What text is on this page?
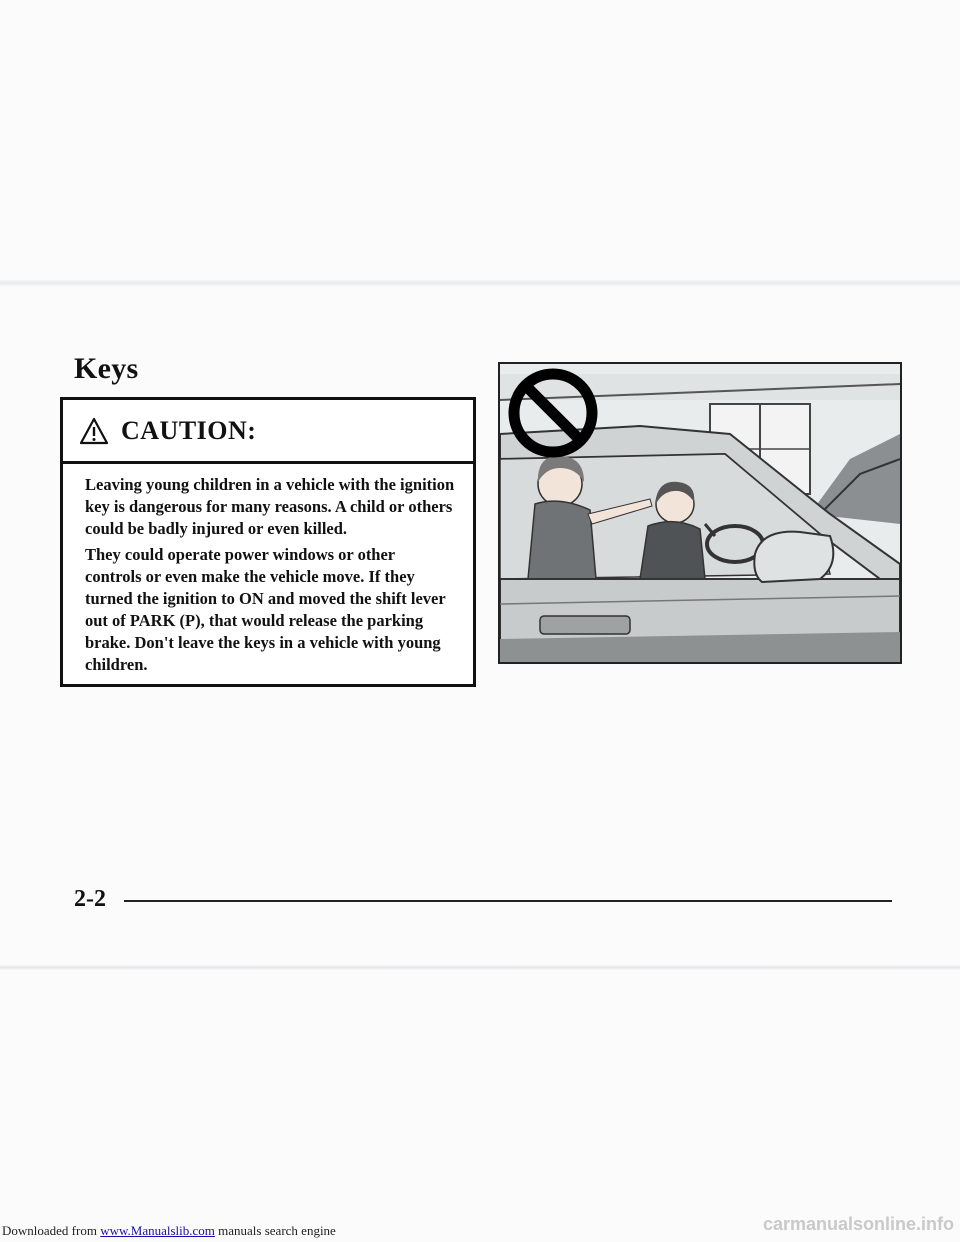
Keys
CAUTION:

Leaving young children in a vehicle with the ignition key is dangerous for many reasons. A child or others could be badly injured or even killed.

They could operate power windows or other controls or even make the vehicle move. If they turned the ignition to ON and moved the shift lever out of PARK (P), that would release the parking brake. Don't leave the keys in a vehicle with young children.

2-2
Downloaded from www.Manualslib.com manuals search engine	carmanualsonline.info
